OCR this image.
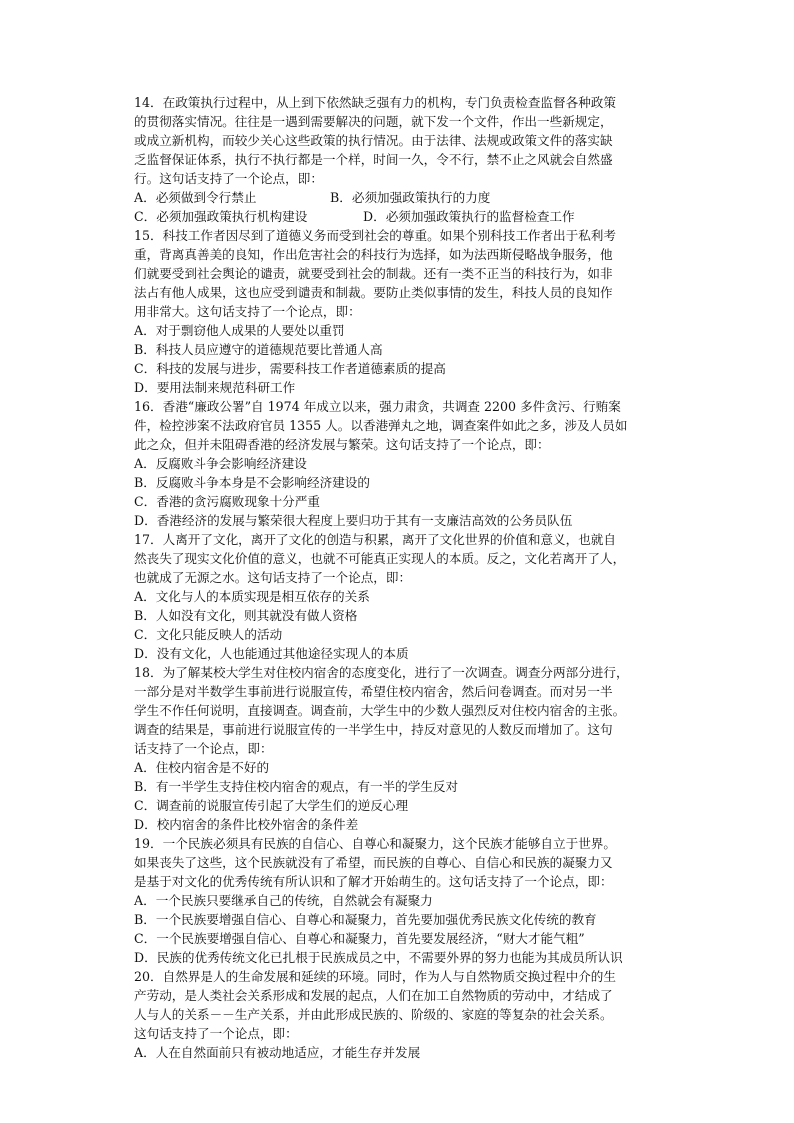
14．在政策执行过程中，从上到下依然缺乏强有力的机构，专门负责检查监督各种政策
的贯彻落实情况。往往是一遇到需要解决的问题，就下发一个文件，作出一些新规定，
或成立新机构，而较少关心这些政策的执行情况。由于法律、法规或政策文件的落实缺
乏监督保证体系，执行不执行都是一个样，时间一久，令不行，禁不止之风就会自然盛
行。这句话支持了一个论点，即：
A．必须做到令行禁止	B．必须加强政策执行的力度
C．必须加强政策执行机构建设	D．必须加强政策执行的监督检查工作
15．科技工作者因尽到了道德义务而受到社会的尊重。如果个别科技工作者出于私利考
重，背离真善美的良知，作出危害社会的科技行为选择，如为法西斯侵略战争服务，他
们就要受到社会舆论的谴责，就要受到社会的制裁。还有一类不正当的科技行为，如非
法占有他人成果，这也应受到谴责和制裁。要防止类似事情的发生，科技人员的良知作
用非常大。这句话支持了一个论点，即：
A．对于剽窃他人成果的人要处以重罚
B．科技人员应遵守的道德规范要比普通人高
C．科技的发展与进步，需要科技工作者道德素质的提高
D．要用法制来规范科研工作
16．香港“廉政公署”自 1974 年成立以来，强力肃贪，共调查 2200 多件贪污、行贿案
件，检控涉案不法政府官员 1355 人。以香港弹丸之地，调查案件如此之多，涉及人员如
此之众，但并未阻碍香港的经济发展与繁荣。这句话支持了一个论点，即：
A．反腐败斗争会影响经济建设
B．反腐败斗争本身是不会影响经济建设的
C．香港的贪污腐败现象十分严重
D．香港经济的发展与繁荣很大程度上要归功于其有一支廉洁高效的公务员队伍
17．人离开了文化，离开了文化的创造与积累，离开了文化世界的价值和意义，也就自
然丧失了现实文化价值的意义，也就不可能真正实现人的本质。反之，文化若离开了人，
也就成了无源之水。这句话支持了一个论点，即：
A．文化与人的本质实现是相互依存的关系
B．人如没有文化，则其就没有做人资格
C．文化只能反映人的活动
D．没有文化，人也能通过其他途径实现人的本质
18．为了解某校大学生对住校内宿舍的态度变化，进行了一次调查。调查分两部分进行，
一部分是对半数学生事前进行说服宣传，希望住校内宿舍，然后问卷调查。而对另一半
学生不作任何说明，直接调查。调查前，大学生中的少数人强烈反对住校内宿舍的主张。
调查的结果是，事前进行说服宣传的一半学生中，持反对意见的人数反而增加了。这句
话支持了一个论点，即：
A．住校内宿舍是不好的
B．有一半学生支持住校内宿舍的观点，有一半的学生反对
C．调查前的说服宣传引起了大学生们的逆反心理
D．校内宿舍的条件比校外宿舍的条件差
19．一个民族必须具有民族的自信心、自尊心和凝聚力，这个民族才能够自立于世界。
如果丧失了这些，这个民族就没有了希望，而民族的自尊心、自信心和民族的凝聚力又
是基于对文化的优秀传统有所认识和了解才开始萌生的。这句话支持了一个论点，即：
A．一个民族只要继承自己的传统，自然就会有凝聚力
B．一个民族要增强自信心、自尊心和凝聚力，首先要加强优秀民族文化传统的教育
C．一个民族要增强自信心、自尊心和凝聚力，首先要发展经济，“财大才能气粗”
D．民族的优秀传统文化已扎根于民族成员之中，不需要外界的努力也能为其成员所认识
20．自然界是人的生命发展和延续的环境。同时，作为人与自然物质交换过程中介的生
产劳动，是人类社会关系形成和发展的起点，人们在加工自然物质的劳动中，才结成了
人与人的关系－－生产关系，并由此形成民族的、阶级的、家庭的等复杂的社会关系。
这句话支持了一个论点，即：
A．人在自然面前只有被动地适应，才能生存并发展
